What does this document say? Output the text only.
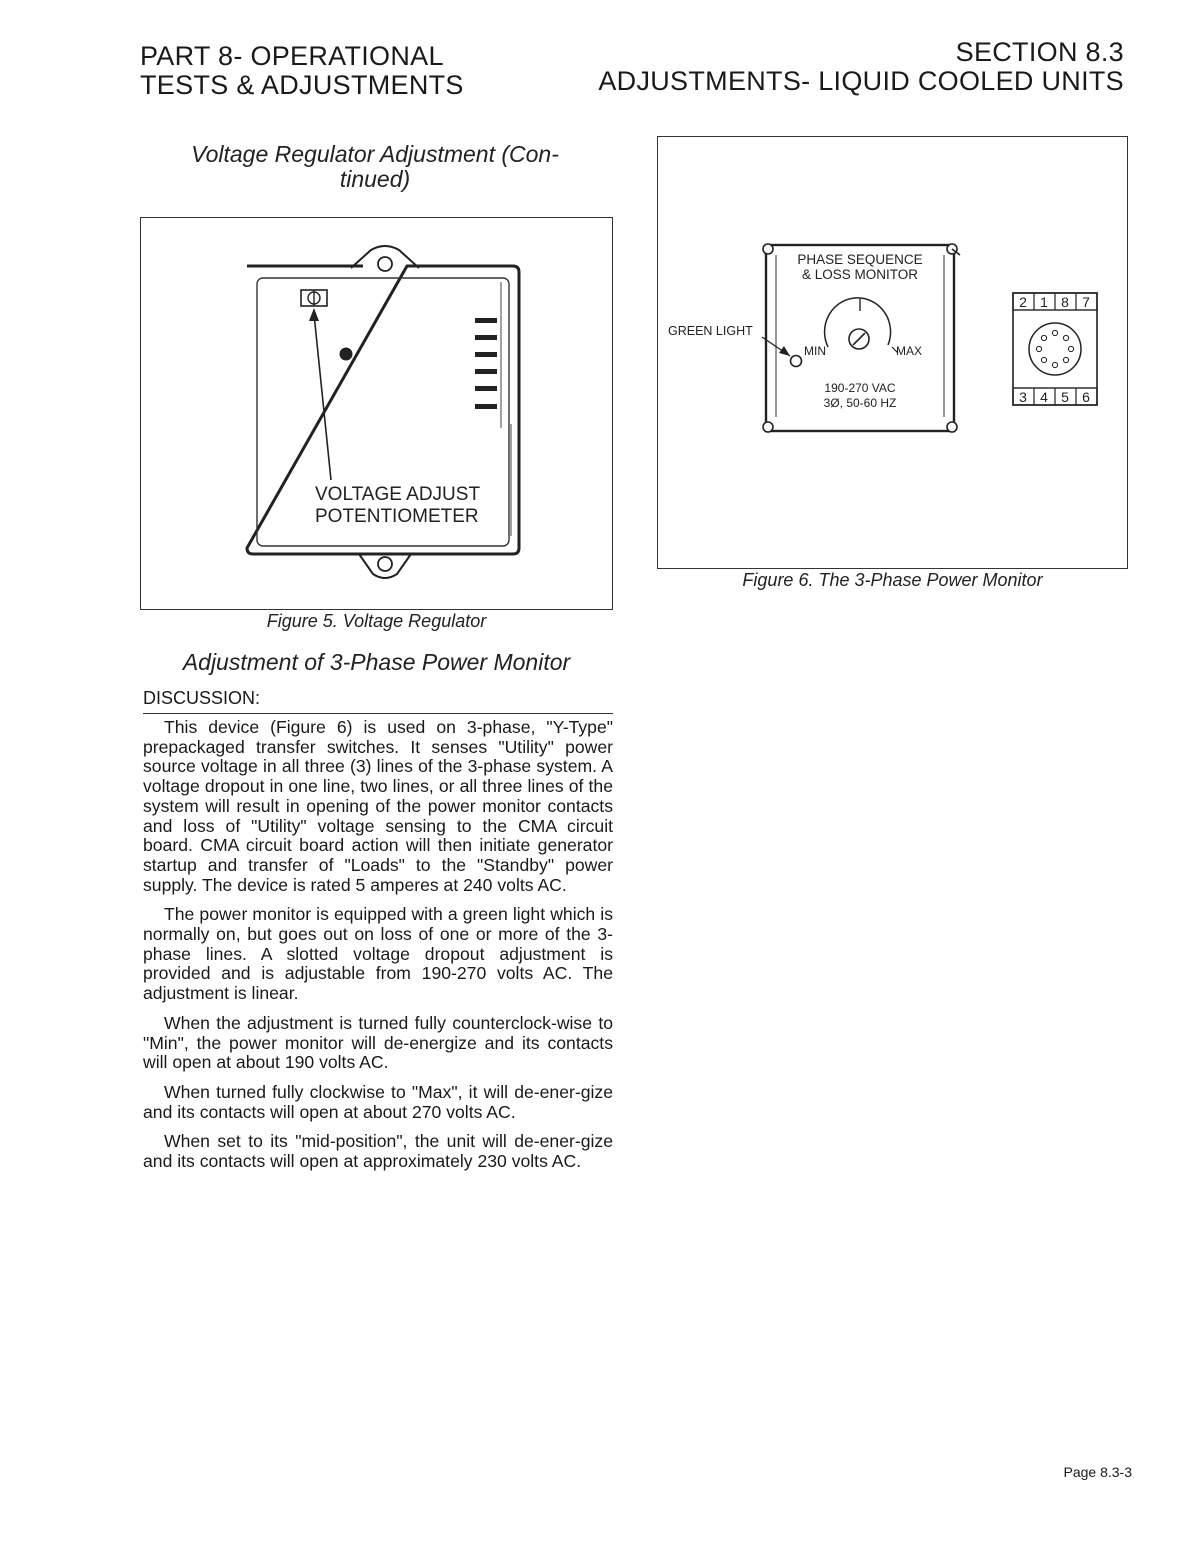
PART 8- OPERATIONAL
TESTS & ADJUSTMENTS
SECTION 8.3
ADJUSTMENTS- LIQUID COOLED UNITS
Voltage Regulator Adjustment (Con-
tinued)
VOLTAGE ADJUST
POTENTIOMETER
Figure 5. Voltage Regulator
PHASE SEQUENCE
& LOSS MONITOR
GREEN LIGHT
MIN	MAX
190-270 VAC
3Ø, 50-60 HZ
2 1 8 7
3 4 5 6
Figure 6. The 3-Phase Power Monitor
Adjustment of 3-Phase Power Monitor
DISCUSSION:

This device (Figure 6) is used on 3-phase, "Y-Type" prepackaged transfer switches. It senses "Utility" power source voltage in all three (3) lines of the 3-phase system. A voltage dropout in one line, two lines, or all three lines of the system will result in opening of the power monitor contacts and loss of "Utility" voltage sensing to the CMA circuit board. CMA circuit board action will then initiate generator startup and transfer of "Loads" to the "Standby" power supply. The device is rated 5 amperes at 240 volts AC.

The power monitor is equipped with a green light which is normally on, but goes out on loss of one or more of the 3-phase lines. A slotted voltage dropout adjustment is provided and is adjustable from 190-270 volts AC. The adjustment is linear.

When the adjustment is turned fully counterclock-wise to "Min", the power monitor will de-energize and its contacts will open at about 190 volts AC.

When turned fully clockwise to "Max", it will de-ener-gize and its contacts will open at about 270 volts AC.

When set to its "mid-position", the unit will de-ener-gize and its contacts will open at approximately 230 volts AC.

Page 8.3-3
